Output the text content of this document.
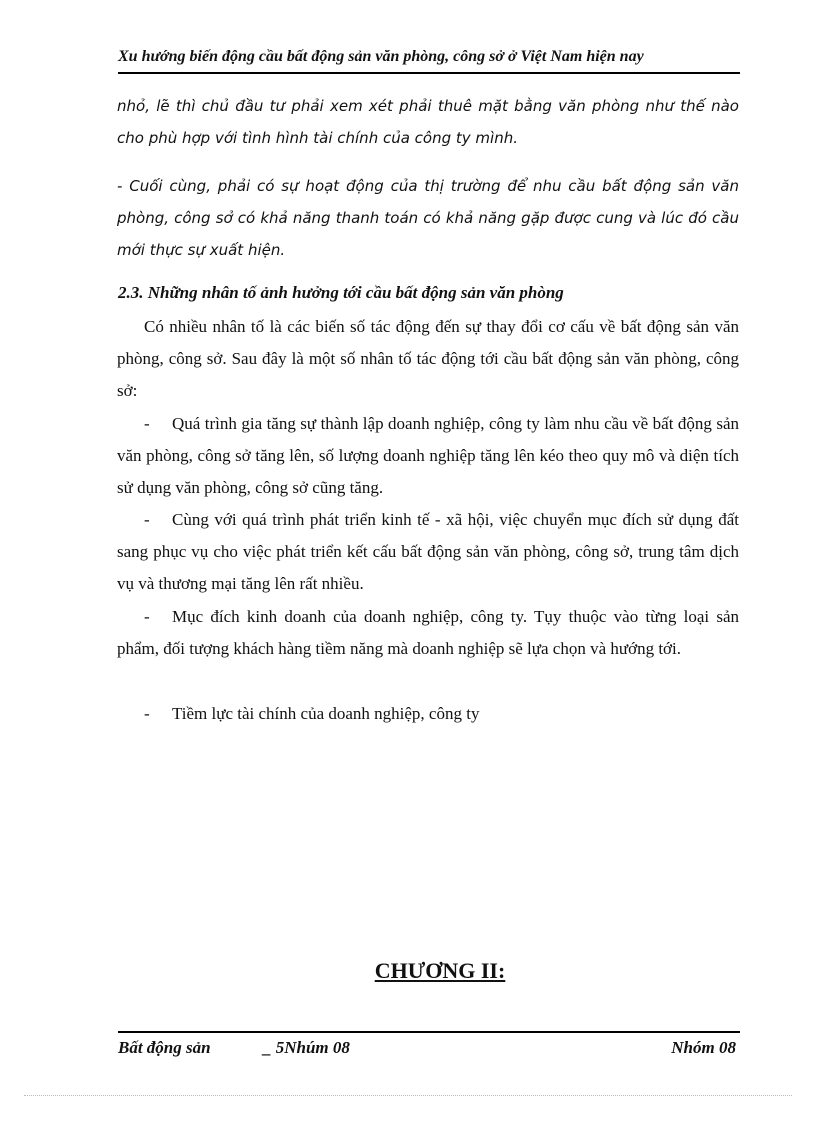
Xu hướng biến động cầu bất động sản văn phòng, công sở ở Việt Nam hiện nay
nhỏ, lẽ thì chủ đầu tư phải xem xét phải thuê mặt bằng văn phòng như thế nào cho phù hợp với tình hình tài chính của công ty mình.
- Cuối cùng, phải có sự hoạt động của thị trường để nhu cầu bất động sản văn phòng, công sở có khả năng thanh toán có khả năng gặp được cung và lúc đó cầu mới thực sự xuất hiện.
2.3. Những nhân tố ảnh hưởng tới cầu bất động sản văn phòng
Có nhiều nhân tố là các biến số tác động đến sự thay đổi cơ cấu về bất động sản văn phòng, công sở. Sau đây là một số nhân tố tác động tới cầu bất động sản văn phòng, công sở:
- Quá trình gia tăng sự thành lập doanh nghiệp, công ty làm nhu cầu về bất động sản văn phòng, công sở tăng lên, số lượng doanh nghiệp tăng lên kéo theo quy mô và diện tích sử dụng văn phòng, công sở cũng tăng.
- Cùng với quá trình phát triển kinh tế - xã hội, việc chuyển mục đích sử dụng đất sang phục vụ cho việc phát triển kết cấu bất động sản văn phòng, công sở, trung tâm dịch vụ và thương mại tăng lên rất nhiều.
- Mục đích kinh doanh của doanh nghiệp, công ty. Tụy thuộc vào từng loại sản phẩm, đối tượng khách hàng tiềm năng mà doanh nghiệp sẽ lựa chọn và hướng tới.
- Tiềm lực tài chính của doanh nghiệp, công ty
CHƯƠNG II:
Bất động sản	_ 5Nhúm 08	Nhóm 08
